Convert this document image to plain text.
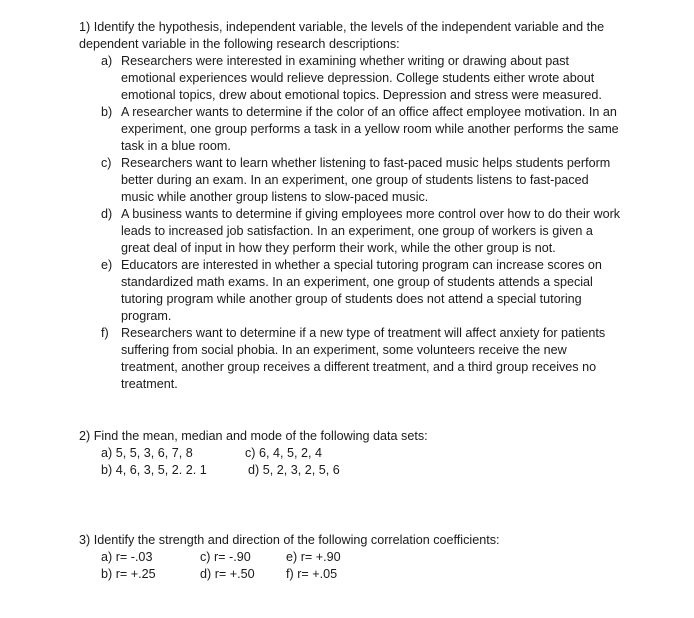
1) Identify the hypothesis, independent variable, the levels of the independent variable and the dependent variable in the following research descriptions:

a) Researchers were interested in examining whether writing or drawing about past emotional experiences would relieve depression. College students either wrote about emotional topics, drew about emotional topics. Depression and stress were measured.
b) A researcher wants to determine if the color of an office affect employee motivation. In an experiment, one group performs a task in a yellow room while another performs the same task in a blue room.
c) Researchers want to learn whether listening to fast-paced music helps students perform better during an exam. In an experiment, one group of students listens to fast-paced music while another group listens to slow-paced music.
d) A business wants to determine if giving employees more control over how to do their work leads to increased job satisfaction. In an experiment, one group of workers is given a great deal of input in how they perform their work, while the other group is not.
e) Educators are interested in whether a special tutoring program can increase scores on standardized math exams. In an experiment, one group of students attends a special tutoring program while another group of students does not attend a special tutoring program.
f) Researchers want to determine if a new type of treatment will affect anxiety for patients suffering from social phobia. In an experiment, some volunteers receive the new treatment, another group receives a different treatment, and a third group receives no treatment.

2) Find the mean, median and mode of the following data sets:

a) 5, 5, 3, 6, 7, 8	c) 6, 4, 5, 2, 4
b) 4, 6, 3, 5, 2. 2. 1	d) 5, 2, 3, 2, 5, 6

3) Identify the strength and direction of the following correlation coefficients:

a) r= -.03	c) r= -.90	e) r= +.90
b) r= +.25	d) r= +.50 f) r= +.05
